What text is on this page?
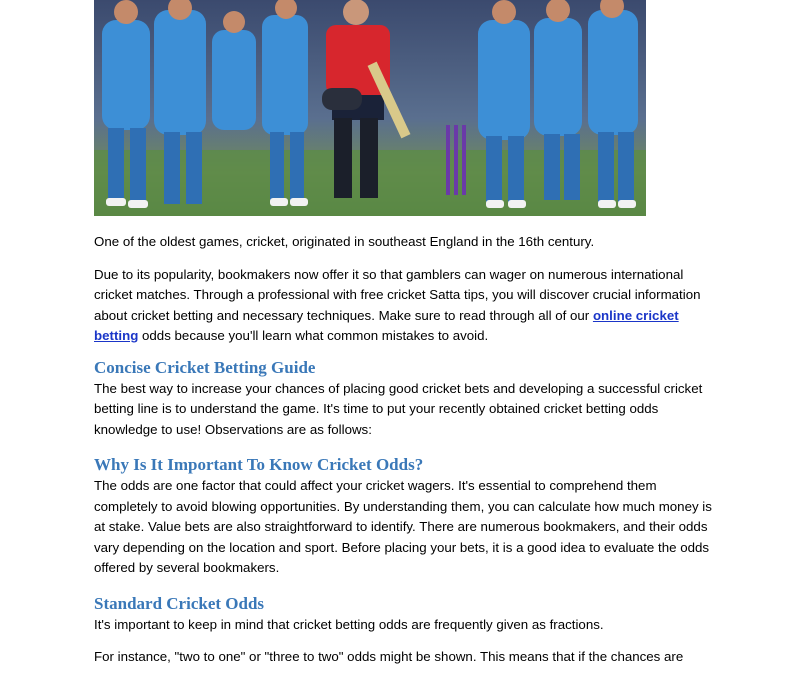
One of the oldest games, cricket, originated in southeast England in the 16th century.

Due to its popularity, bookmakers now offer it so that gamblers can wager on numerous international cricket matches. Through a professional with free cricket Satta tips, you will discover crucial information about cricket betting and necessary techniques. Make sure to read through all of our online cricket betting odds because you'll learn what common mistakes to avoid.

Concise Cricket Betting Guide

The best way to increase your chances of placing good cricket bets and developing a successful cricket betting line is to understand the game. It's time to put your recently obtained cricket betting odds knowledge to use! Observations are as follows:

Why Is It Important To Know Cricket Odds?

The odds are one factor that could affect your cricket wagers. It's essential to comprehend them completely to avoid blowing opportunities. By understanding them, you can calculate how much money is at stake. Value bets are also straightforward to identify. There are numerous bookmakers, and their odds vary depending on the location and sport. Before placing your bets, it is a good idea to evaluate the odds offered by several bookmakers.

Standard Cricket Odds

It's important to keep in mind that cricket betting odds are frequently given as fractions.

For instance, "two to one" or "three to two" odds might be shown. This means that if the chances are
